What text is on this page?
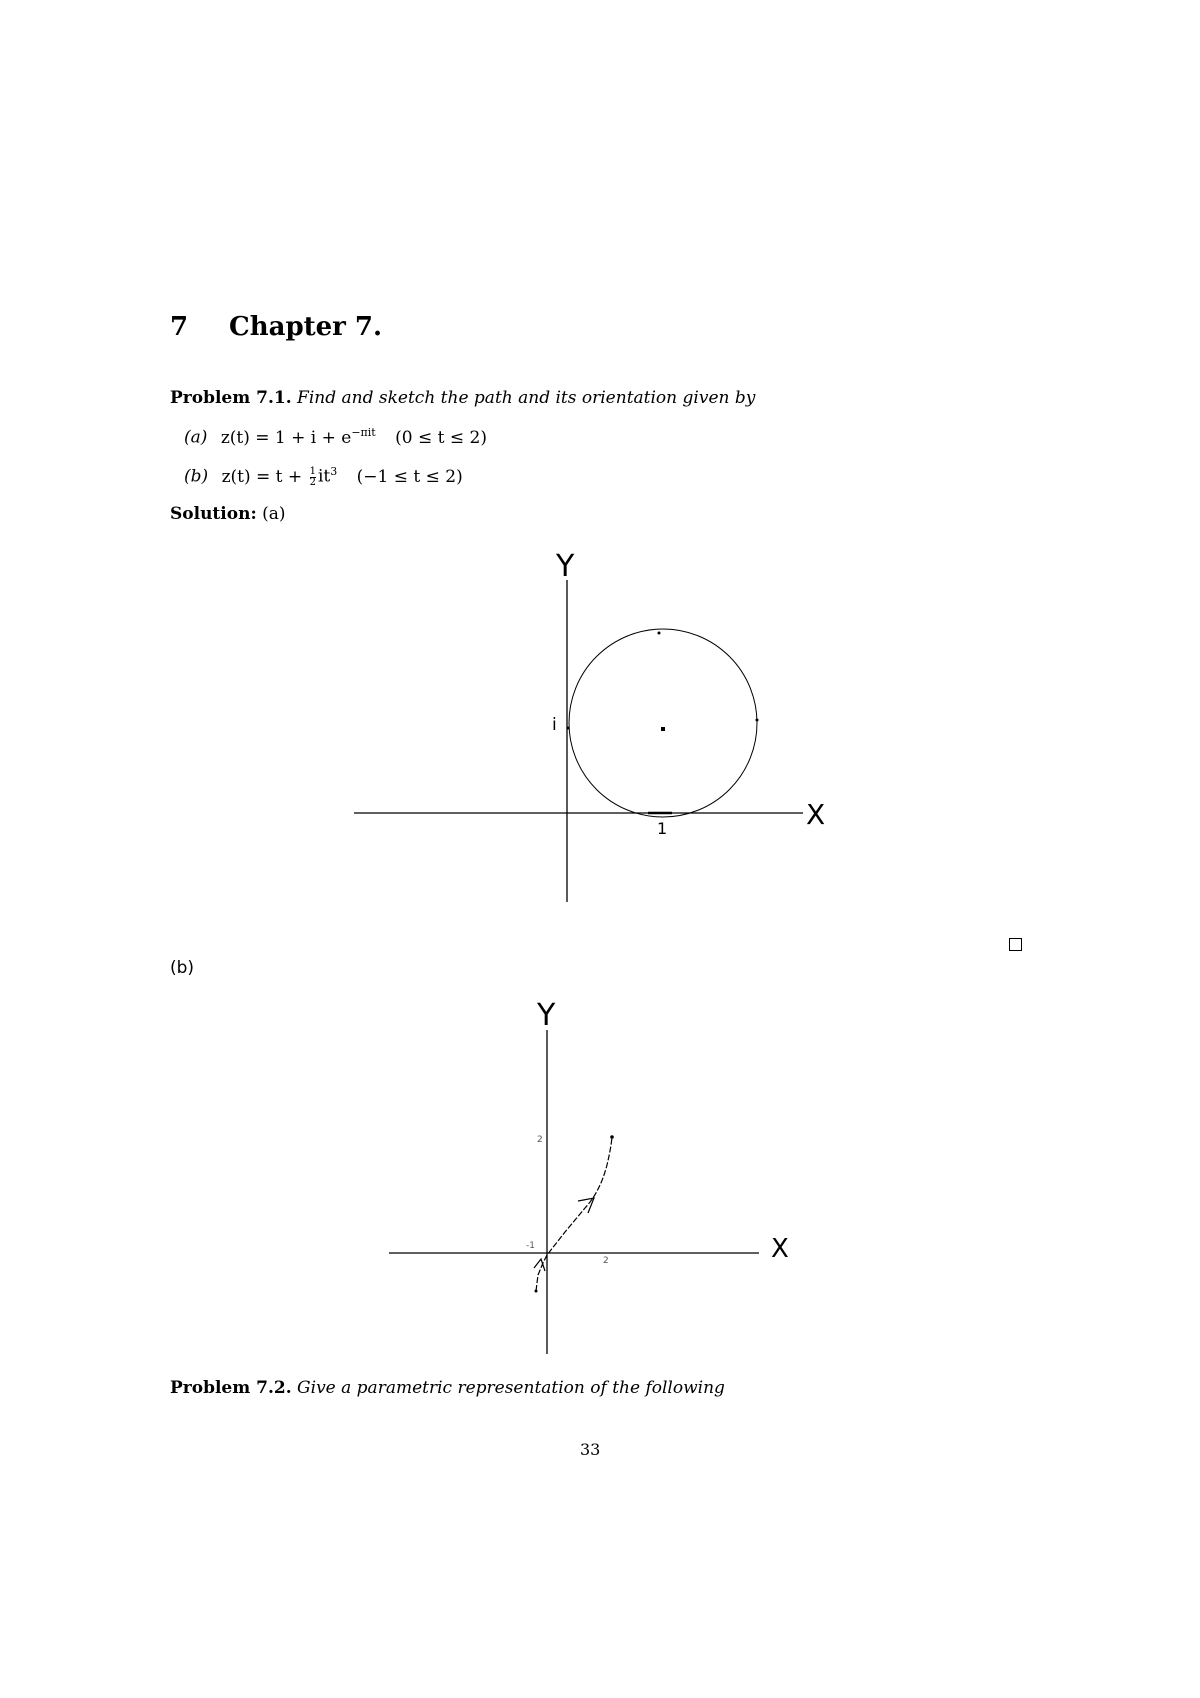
7 Chapter 7.
Problem 7.1. Find and sketch the path and its orientation given by
(a) $z(t) = 1 + i + e^{-\pi it}$ (0 ≤ t ≤ 2)
(b) $z(t) = t + \frac{1}{2} it^3$ (−1 ≤ t ≤ 2)
Solution: (a)
Y
X
i
1
Y
X
2
2
-1
(b)
Problem 7.2. Give a parametric representation of the following
33
